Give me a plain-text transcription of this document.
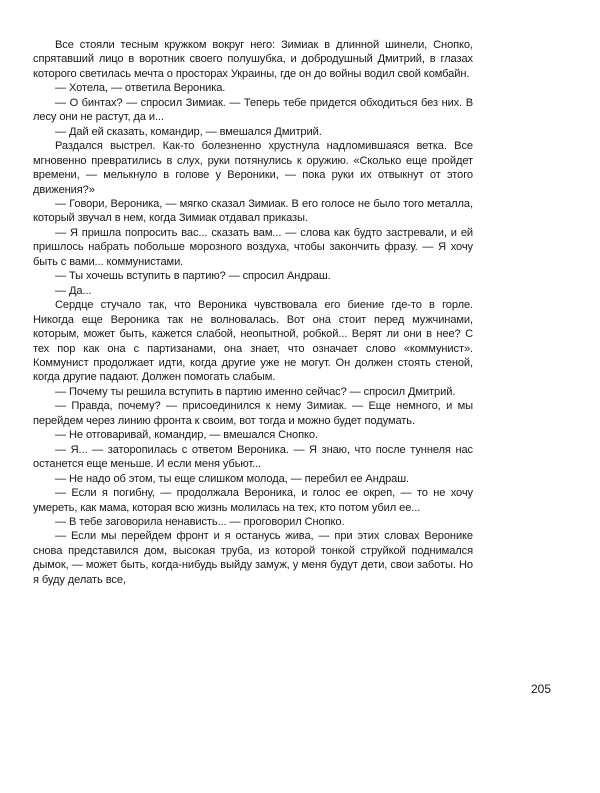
Все стояли тесным кружком вокруг него: Зимиак в длинной шинели, Снопко, спрятавший лицо в воротник своего полушубка, и добродушный Дмитрий, в глазах которого светилась мечта о просторах Украины, где он до войны водил свой комбайн.

— Хотела, — ответила Вероника.

— О бинтах? — спросил Зимиак. — Теперь тебе придется обходиться без них. В лесу они не растут, да и...

— Дай ей сказать, командир, — вмешался Дмитрий.

Раздался выстрел. Как-то болезненно хрустнула надломившаяся ветка. Все мгновенно превратились в слух, руки потянулись к оружию. «Сколько еще пройдет времени, — мелькнуло в голове у Вероники, — пока руки их отвыкнут от этого движения?»

— Говори, Вероника, — мягко сказал Зимиак. В его голосе не было того металла, который звучал в нем, когда Зимиак отдавал приказы.

— Я пришла попросить вас... сказать вам... — слова как будто застревали, и ей пришлось набрать побольше морозного воздуха, чтобы закончить фразу. — Я хочу быть с вами... коммунистами.

— Ты хочешь вступить в партию? — спросил Андраш.

— Да...

Сердце стучало так, что Вероника чувствовала его биение где-то в горле. Никогда еще Вероника так не волновалась. Вот она стоит перед мужчинами, которым, может быть, кажется слабой, неопытной, робкой... Верят ли они в нее? С тех пор как она с партизанами, она знает, что означает слово «коммунист». Коммунист продолжает идти, когда другие уже не могут. Он должен стоять стеной, когда другие падают. Должен помогать слабым.

— Почему ты решила вступить в партию именно сейчас? — спросил Дмитрий.

— Правда, почему? — присоединился к нему Зимиак. — Еще немного, и мы перейдем через линию фронта к своим, вот тогда и можно будет подумать.

— Не отговаривай, командир, — вмешался Снопко.

— Я... — заторопилась с ответом Вероника. — Я знаю, что после туннеля нас останется еще меньше. И если меня убьют...

— Не надо об этом, ты еще слишком молода, — перебил ее Андраш.

— Если я погибну, — продолжала Вероника, и голос ее окреп, — то не хочу умереть, как мама, которая всю жизнь молилась на тех, кто потом убил ее...

— В тебе заговорила ненависть... — проговорил Снопко.

— Если мы перейдем фронт и я останусь жива, — при этих словах Веронике снова представился дом, высокая труба, из которой тонкой струйкой поднимался дымок, — может быть, когда-нибудь выйду замуж, у меня будут дети, свои заботы. Но я буду делать все,

205
